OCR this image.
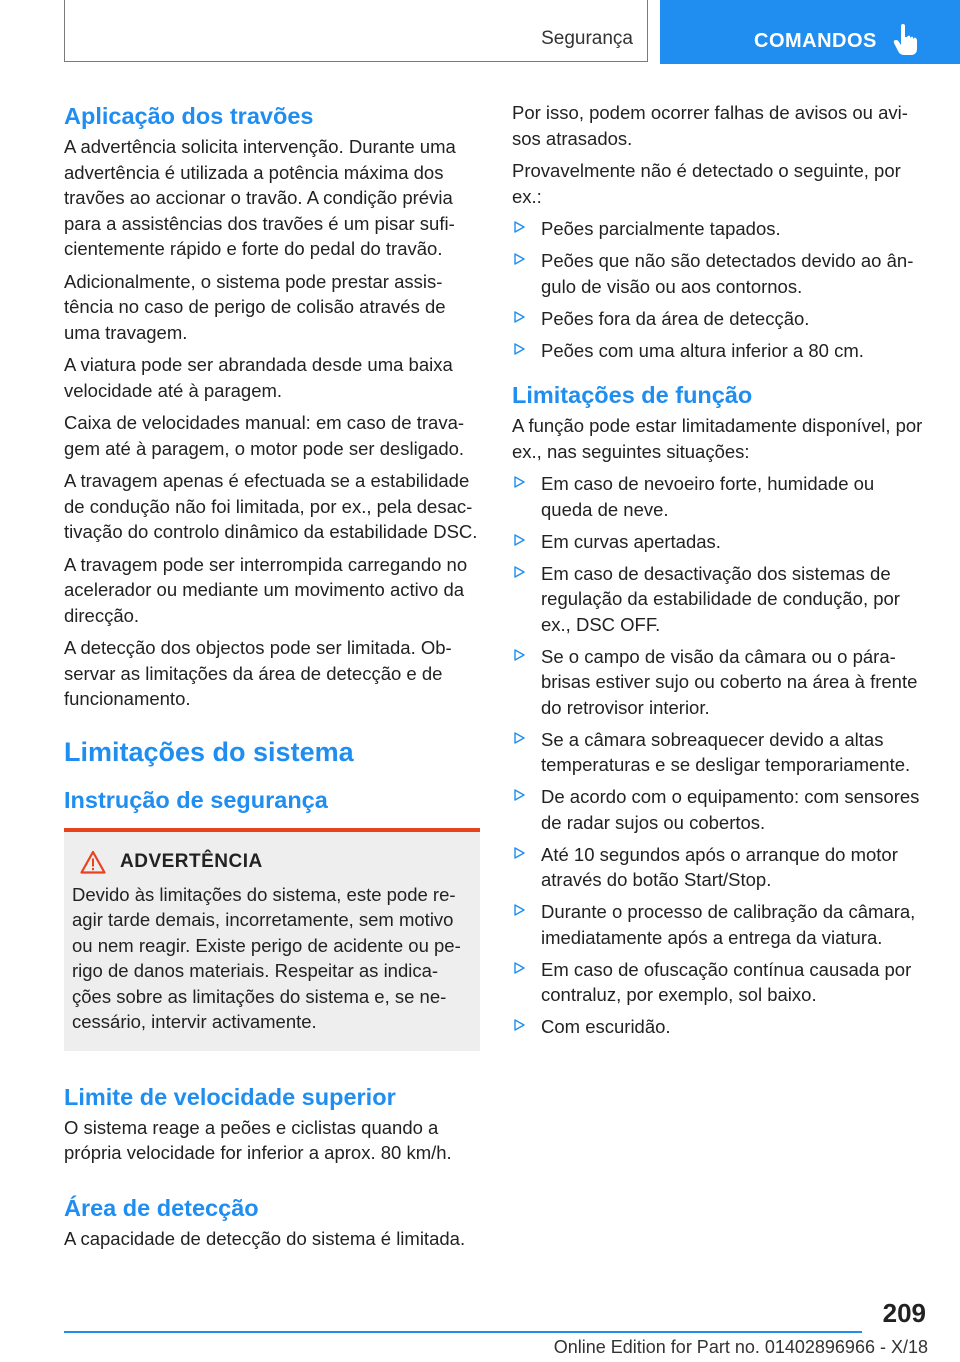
Segurança	COMANDOS
Aplicação dos travões

A advertência solicita intervenção. Durante uma advertência é utilizada a potência máxima dos travões ao accionar o travão. A condição prévia para a assistências dos travões é um pisar suficientemente rápido e forte do pedal do travão.

Adicionalmente, o sistema pode prestar assistência no caso de perigo de colisão através de uma travagem.

A viatura pode ser abrandada desde uma baixa velocidade até à paragem.

Caixa de velocidades manual: em caso de travagem até à paragem, o motor pode ser desligado.

A travagem apenas é efectuada se a estabilidade de condução não foi limitada, por ex., pela desactivação do controlo dinâmico da estabilidade DSC.

A travagem pode ser interrompida carregando no acelerador ou mediante um movimento activo da direcção.

A detecção dos objectos pode ser limitada. Observar as limitações da área de detecção e de funcionamento.

Limitações do sistema
Instrução de segurança
ADVERTÊNCIA

Devido às limitações do sistema, este pode reagir tarde demais, incorretamente, sem motivo ou nem reagir. Existe perigo de acidente ou perigo de danos materiais. Respeitar as indicações sobre as limitações do sistema e, se necessário, intervir activamente.

Limite de velocidade superior

O sistema reage a peões e ciclistas quando a própria velocidade for inferior a aprox. 80 km/h.

Área de detecção

A capacidade de detecção do sistema é limitada.

Por isso, podem ocorrer falhas de avisos ou avisos atrasados.

Provavelmente não é detectado o seguinte, por ex.:

Peões parcialmente tapados.
Peões que não são detectados devido ao ângulo de visão ou aos contornos.
Peões fora da área de detecção.
Peões com uma altura inferior a 80 cm.
Limitações de função

A função pode estar limitadamente disponível, por ex., nas seguintes situações:

Em caso de nevoeiro forte, humidade ou queda de neve.
Em curvas apertadas.
Em caso de desactivação dos sistemas de regulação da estabilidade de condução, por ex., DSC OFF.
Se o campo de visão da câmara ou o pára-brisas estiver sujo ou coberto na área à frente do retrovisor interior.
Se a câmara sobreaquecer devido a altas temperaturas e se desligar temporariamente.
De acordo com o equipamento: com sensores de radar sujos ou cobertos.
Até 10 segundos após o arranque do motor através do botão Start/Stop.
Durante o processo de calibração da câmara, imediatamente após a entrega da viatura.
Em caso de ofuscação contínua causada por contraluz, por exemplo, sol baixo.
Com escuridão.
209
Online Edition for Part no. 01402896966 - X/18
